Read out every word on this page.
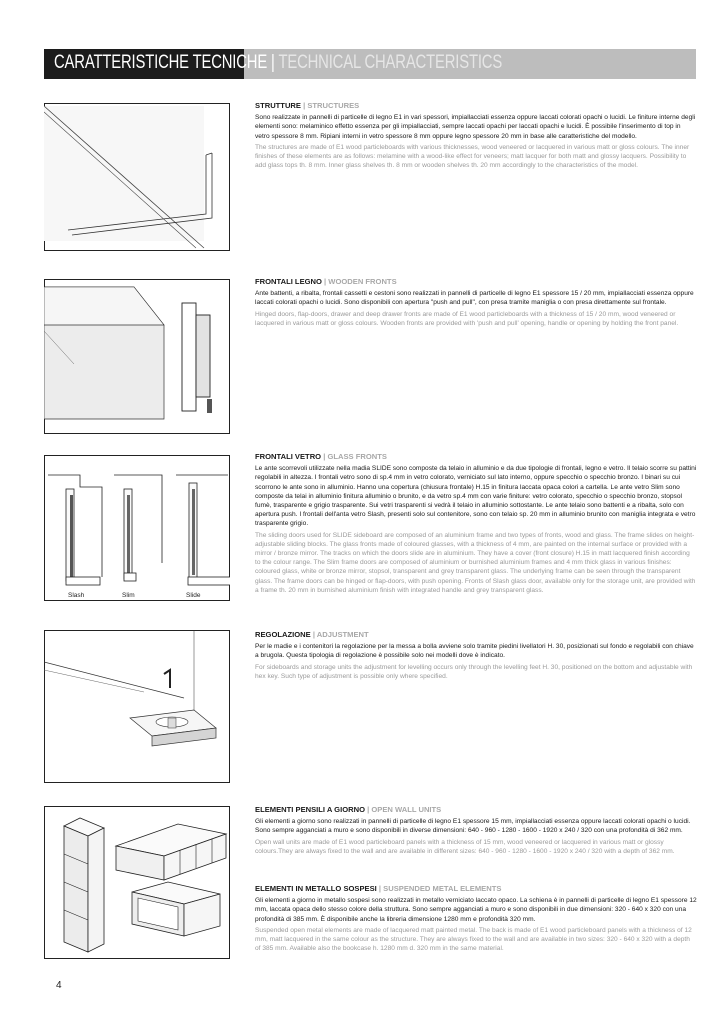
CARATTERISTICHE TECNICHE | TECHNICAL CHARACTERISTICS
Slash	Slim	Slide
STRUTTURE | STRUCTURES

Sono realizzate in pannelli di particelle di legno E1 in vari spessori, impiallacciati essenza oppure laccati colorati opachi o lucidi. Le finiture interne degli elementi sono: melaminico effetto essenza per gli impiallacciati, sempre laccati opachi per laccati opachi e lucidi. È possibile l'inserimento di top in vetro spessore 8 mm. Ripiani interni in vetro spessore 8 mm oppure legno spessore 20 mm in base alle caratteristiche del modello.

The structures are made of E1 wood particleboards with various thicknesses, wood veneered or lacquered in various matt or gloss colours. The inner finishes of these elements are as follows: melamine with a wood-like effect for veneers; matt lacquer for both matt and glossy lacquers. Possibility to add glass tops th. 8 mm. Inner glass shelves th. 8 mm or wooden shelves th. 20 mm accordingly to the characteristics of the model.

FRONTALI LEGNO | WOODEN FRONTS

Ante battenti, a ribalta, frontali cassetti e cestoni sono realizzati in pannelli di particelle di legno E1 spessore 15 / 20 mm, impiallacciati essenza oppure laccati colorati opachi o lucidi. Sono disponibili con apertura "push and pull", con presa tramite maniglia o con presa direttamente sul frontale.

Hinged doors, flap-doors, drawer and deep drawer fronts are made of E1 wood particleboards with a thickness of 15 / 20 mm, wood veneered or lacquered in various matt or gloss colours. Wooden fronts are provided with 'push and pull' opening, handle or opening by holding the front panel.

FRONTALI VETRO | GLASS FRONTS

Le ante scorrevoli utilizzate nella madia SLIDE sono composte da telaio in alluminio e da due tipologie di frontali, legno e vetro. Il telaio scorre su pattini regolabili in altezza. I frontali vetro sono di sp.4 mm in vetro colorato, verniciato sul lato interno, oppure specchio o specchio bronzo. I binari su cui scorrono le ante sono in alluminio. Hanno una copertura (chiusura frontale) H.15 in finitura laccata opaca colori a cartella. Le ante vetro Slim sono composte da telai in alluminio finitura alluminio o brunito, e da vetro sp.4 mm con varie finiture: vetro colorato, specchio o specchio bronzo, stopsol fumè, trasparente e grigio trasparente. Sui vetri trasparenti si vedrà il telaio in alluminio sottostante. Le ante telaio sono battenti e a ribalta, solo con apertura push. I frontali dell'anta vetro Slash, presenti solo sul contenitore, sono con telaio sp. 20 mm in alluminio brunito con maniglia integrata e vetro trasparente grigio.

The sliding doors used for SLIDE sideboard are composed of an aluminium frame and two types of fronts, wood and glass. The frame slides on height-adjustable sliding blocks. The glass fronts made of coloured glasses, with a thickness of 4 mm, are painted on the internal surface or provided with a mirror / bronze mirror. The tracks on which the doors slide are in aluminium. They have a cover (front closure) H.15 in matt lacquered finish according to the colour range. The Slim frame doors are composed of aluminium or burnished aluminium frames and 4 mm thick glass in various finishes: coloured glass, white or bronze mirror, stopsol, transparent and grey transparent glass. The underlying frame can be seen through the transparent glass. The frame doors can be hinged or flap-doors, with push opening. Fronts of Slash glass door, available only for the storage unit, are provided with a frame th. 20 mm in burnished aluminium finish with integrated handle and grey transparent glass.

REGOLAZIONE | ADJUSTMENT

Per le madie e i contenitori la regolazione per la messa a bolla avviene solo tramite piedini livellatori H. 30, posizionati sul fondo e regolabili con chiave a brugola. Questa tipologia di regolazione è possibile solo nei modelli dove è indicato.

For sideboards and storage units the adjustment for levelling occurs only through the levelling feet H. 30, positioned on the bottom and adjustable with hex key. Such type of adjustment is possible only where specified.

ELEMENTI PENSILI A GIORNO | OPEN WALL UNITS

Gli elementi a giorno sono realizzati in pannelli di particelle di legno E1 spessore 15 mm, impiallacciati essenza oppure laccati colorati opachi o lucidi. Sono sempre agganciati a muro e sono disponibili in diverse dimensioni: 640 - 960 - 1280 - 1600 - 1920 x 240 / 320 con una profondità di 362 mm.

Open wall units are made of E1 wood particleboard panels with a thickness of 15 mm, wood veneered or lacquered in various matt or glossy colours.They are always fixed to the wall and are available in different sizes: 640 - 960 - 1280 - 1600 - 1920 x 240 / 320 with a depth of 362 mm.

ELEMENTI IN METALLO SOSPESI | SUSPENDED METAL ELEMENTS

Gli elementi a giorno in metallo sospesi sono realizzati in metallo verniciato laccato opaco. La schiena è in pannelli di particelle di legno E1 spessore 12 mm, laccata opaca dello stesso colore della struttura. Sono sempre agganciati a muro e sono disponibili in due dimensioni: 320 - 640 x 320 con una profondità di 385 mm. È disponibile anche la libreria dimensione 1280 mm e profondità 320 mm.

Suspended open metal elements are made of lacquered matt painted metal. The back is made of E1 wood particleboard panels with a thickness of 12 mm, matt lacquered in the same colour as the structure. They are always fixed to the wall and are available in two sizes: 320 - 640 x 320 with a depth of 385 mm. Available also the bookcase h. 1280 mm d. 320 mm in the same material.

4
